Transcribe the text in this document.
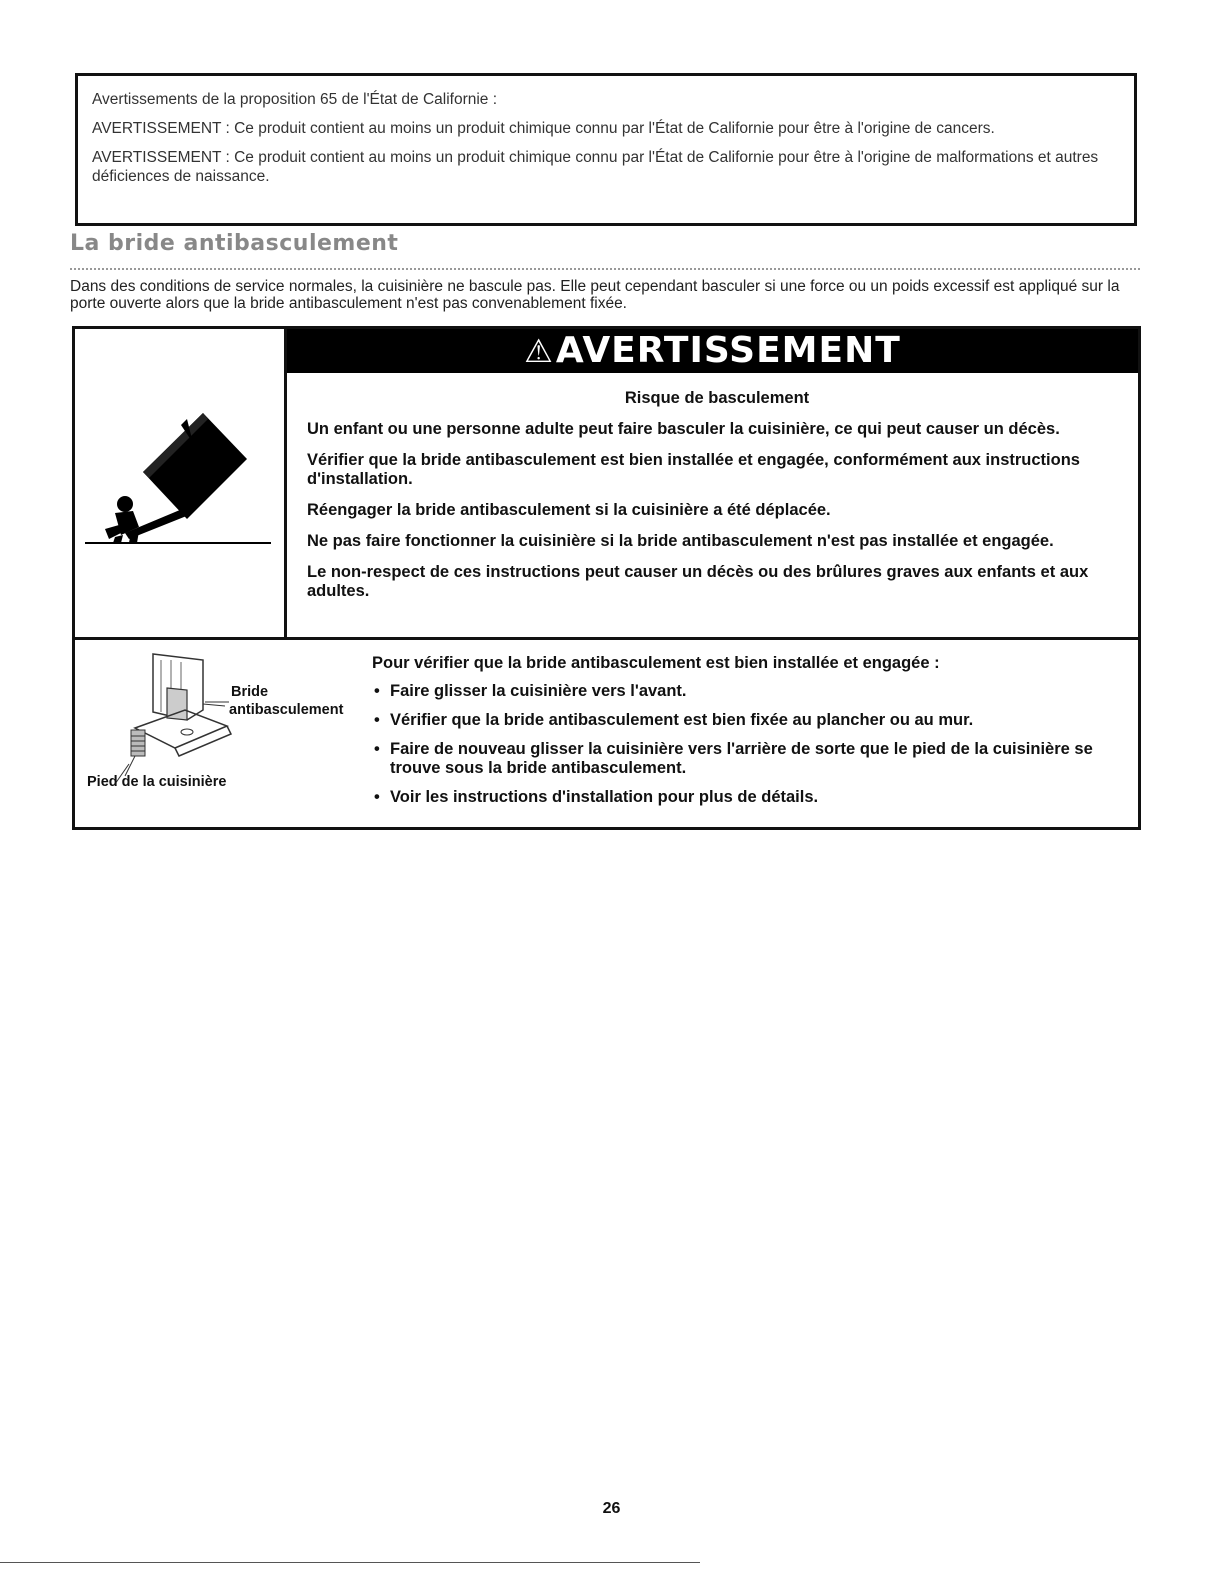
Avertissements de la proposition 65 de l'État de Californie :

AVERTISSEMENT : Ce produit contient au moins un produit chimique connu par l'État de Californie pour être à l'origine de cancers.

AVERTISSEMENT : Ce produit contient au moins un produit chimique connu par l'État de Californie pour être à l'origine de malformations et autres déficiences de naissance.

La bride antibasculement
Dans des conditions de service normales, la cuisinière ne bascule pas. Elle peut cependant basculer si une force ou un poids excessif est appliqué sur la porte ouverte alors que la bride antibasculement n'est pas convenablement fixée.
⚠AVERTISSEMENT

Risque de basculement

Un enfant ou une personne adulte peut faire basculer la cuisinière, ce qui peut causer un décès.

Vérifier que la bride antibasculement est bien installée et engagée, conformément aux instructions d'installation.

Réengager la bride antibasculement si la cuisinière a été déplacée.

Ne pas faire fonctionner la cuisinière si la bride antibasculement n'est pas installée et engagée.

Le non-respect de ces instructions peut causer un décès ou des brûlures graves aux enfants et aux adultes.

Bride
antibasculement
Pied de la cuisinière

Pour vérifier que la bride antibasculement est bien installée et engagée :

• Faire glisser la cuisinière vers l'avant.
• Vérifier que la bride antibasculement est bien fixée au plancher ou au mur.
• Faire de nouveau glisser la cuisinière vers l'arrière de sorte que le pied de la cuisinière se trouve sous la bride antibasculement.
• Voir les instructions d'installation pour plus de détails.
26
